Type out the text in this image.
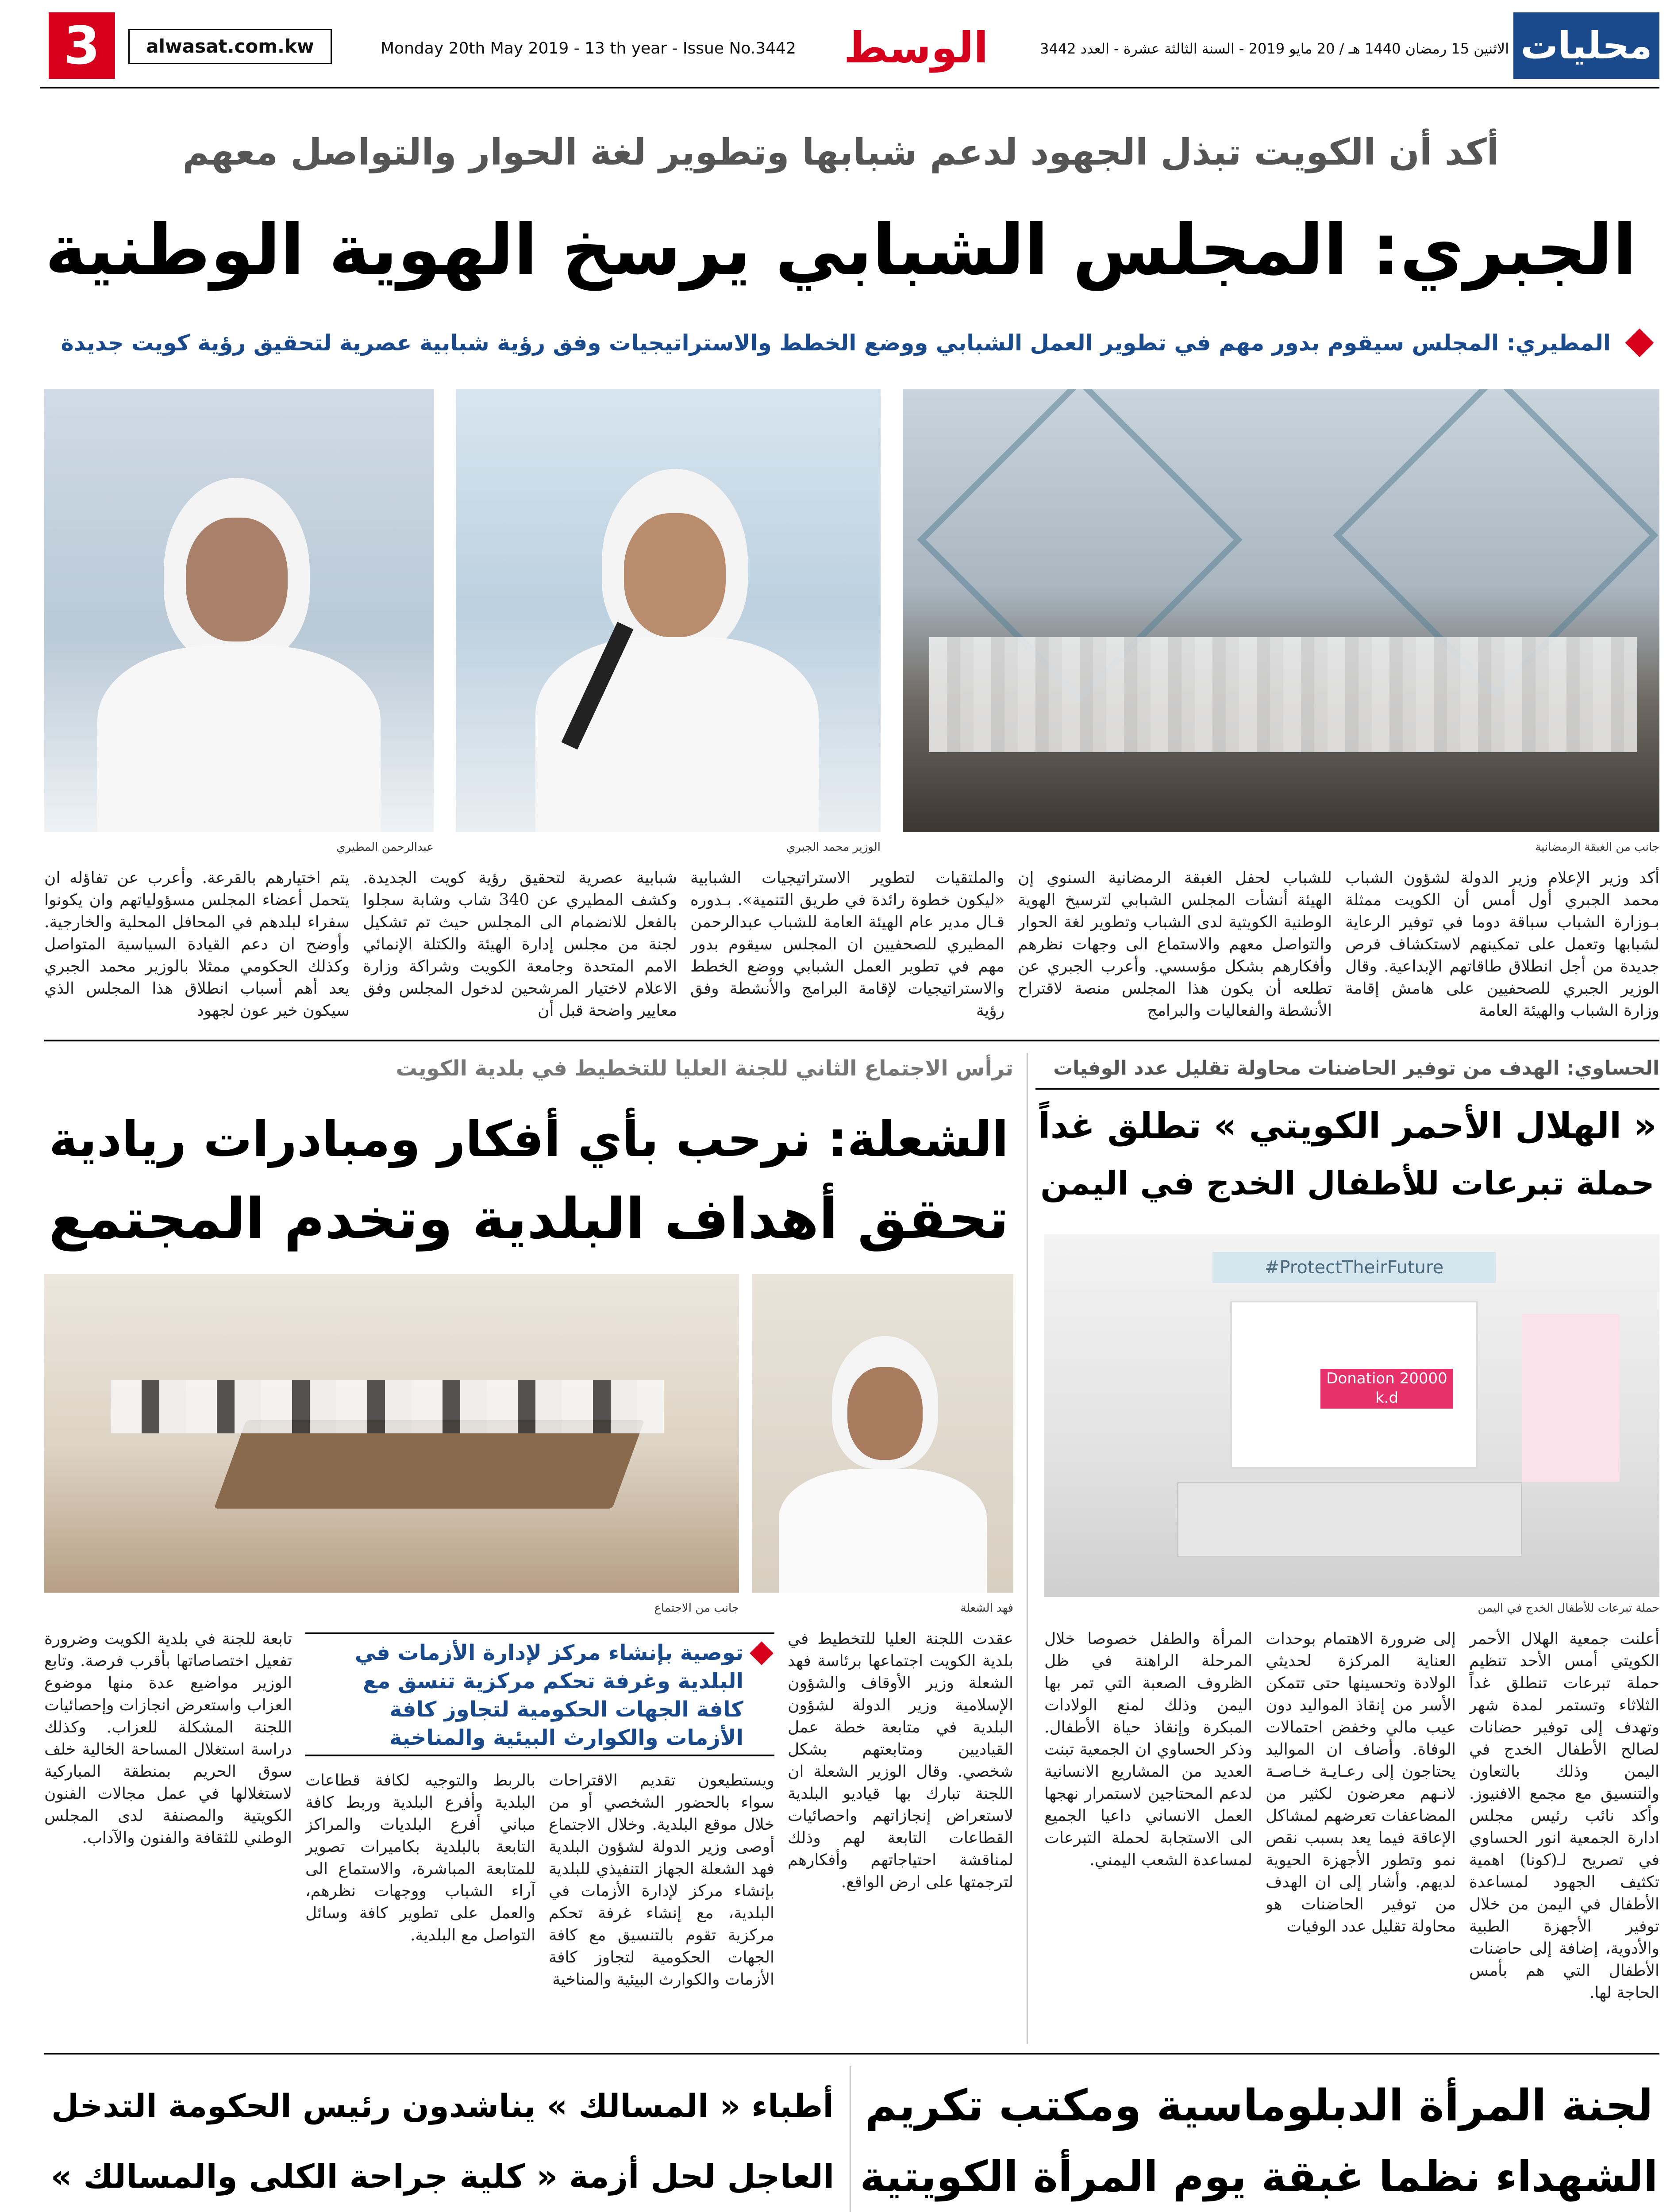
3	alwasat.com.kw	Monday 20th May 2019 - 13 th year - Issue No.3442	الوسط	الاثنين 15 رمضان 1440 هـ / 20 مايو 2019 - السنة الثالثة عشرة - العدد 3442 محليات
أكد أن الكويت تبذل الجهود لدعم شبابها وتطوير لغة الحوار والتواصل معهم
الجبري: المجلس الشبابي يرسخ الهوية الوطنية
المطيري: المجلس سيقوم بدور مهم في تطوير العمل الشبابي ووضع الخطط والاستراتيجيات وفق رؤية شبابية عصرية لتحقيق رؤية كويت جديدة
جانب من الغبقة الرمضانية
الوزير محمد الجبري
عبدالرحمن المطيري
أكد وزير الإعلام وزير الدولة لشؤون الشباب محمد الجبري أول أمس أن الكويت ممثلة بـوزارة الشباب سباقة دوما في توفير الرعاية لشبابها وتعمل على تمكينهم لاستكشاف فرص جديدة من أجل انطلاق طاقاتهم الإبداعية. وقال الوزير الجبري للصحفيين على هامش إقامة وزارة الشباب والهيئة العامة
للشباب لحفل الغبقة الرمضانية السنوي إن الهيئة أنشأت المجلس الشبابي لترسيخ الهوية الوطنية الكويتية لدى الشباب وتطوير لغة الحوار والتواصل معهم والاستماع الى وجهات نظرهم وأفكارهم بشكل مؤسسي. وأعرب الجبري عن تطلعه أن يكون هذا المجلس منصة لاقتراح الأنشطة والفعاليات والبرامج
والملتقيات لتطوير الاستراتيجيات الشبابية «ليكون خطوة رائدة في طريق التنمية». بـدوره قـال مدير عام الهيئة العامة للشباب عبدالرحمن المطيري للصحفيين ان المجلس سيقوم بدور مهم في تطوير العمل الشبابي ووضع الخطط والاستراتيجيات لإقامة البرامج والأنشطة وفق رؤية
شبابية عصرية لتحقيق رؤية كويت الجديدة. وكشف المطيري عن 340 شاب وشابة سجلوا بالفعل للانضمام الى المجلس حيث تم تشكيل لجنة من مجلس إدارة الهيئة والكتلة الإنمائي الامم المتحدة وجامعة الكويت وشراكة وزارة الاعلام لاختيار المرشحين لدخول المجلس وفق معايير واضحة قبل أن
يتم اختيارهم بالقرعة. وأعرب عن تفاؤله ان يتحمل أعضاء المجلس مسؤولياتهم وان يكونوا سفراء لبلدهم في المحافل المحلية والخارجية. وأوضح ان دعم القيادة السياسية المتواصل وكذلك الحكومي ممثلا بالوزير محمد الجبري يعد أهم أسباب انطلاق هذا المجلس الذي سيكون خير عون لجهود
الحساوي: الهدف من توفير الحاضنات محاولة تقليل عدد الوفيات
« الهلال الأحمر الكويتي » تطلق غداً
حملة تبرعات للأطفال الخدج في اليمن
#ProtectTheirFuture
Donation 20000 k.d
حملة تبرعات للأطفال الخدج في اليمن
أعلنت جمعية الهلال الأحمر الكويتي أمس الأحد تنظيم حملة تبرعات تنطلق غداً الثلاثاء وتستمر لمدة شهر وتهدف إلى توفير حضانات لصالح الأطفال الخدج في اليمن وذلك بالتعاون والتنسيق مع مجمع الافنيوز. وأكد نائب رئيس مجلس ادارة الجمعية انور الحساوي في تصريح لـ(كونا) اهمية تكثيف الجهود لمساعدة الأطفال في اليمن من خلال توفير الأجهزة الطبية والأدوية، إضافة إلى حاضنات الأطفال التي هم بأمس الحاجة لها.
إلى ضرورة الاهتمام بوحدات العناية المركزة لحديثي الولادة وتحسينها حتى تتمكن الأسر من إنقاذ المواليد دون عيب مالي وخفض احتمالات الوفاة. وأضاف ان المواليد يحتاجون إلى رعـايـة خـاصـة لانـهم معرضون لكثير من المضاعفات تعرضهم لمشاكل الإعاقة فيما يعد بسبب نقص نمو وتطور الأجهزة الحيوية لديهم. وأشار إلى ان الهدف من توفير الحاضنات هو محاولة تقليل عدد الوفيات
المرأة والطفل خصوصا خلال المرحلة الراهنة في ظل الظروف الصعبة التي تمر بها اليمن وذلك لمنع الولادات المبكرة وإنقاذ حياة الأطفال. وذكر الحساوي ان الجمعية تبنت العديد من المشاريع الانسانية لدعم المحتاجين لاستمرار نهجها العمل الانساني داعيا الجميع الى الاستجابة لحملة التبرعات لمساعدة الشعب اليمني.
ترأس الاجتماع الثاني للجنة العليا للتخطيط في بلدية الكويت
الشعلة: نرحب بأي أفكار ومبادرات ريادية
تحقق أهداف البلدية وتخدم المجتمع
فهد الشعلة
جانب من الاجتماع
عقدت اللجنة العليا للتخطيط في بلدية الكويت اجتماعها برئاسة فهد الشعلة وزير الأوقاف والشؤون الإسلامية وزير الدولة لشؤون البلدية في متابعة خطة عمل القياديين ومتابعتهم بشكل شخصي. وقال الوزير الشعلة ان اللجنة تبارك بها قياديو البلدية لاستعراض إنجازاتهم واحصائيات القطاعات التابعة لهم وذلك لمناقشة احتياجاتهم وأفكارهم لترجمتها على ارض الواقع.
ويستطيعون تقديم الاقتراحات سواء بالحضور الشخصي أو من خلال موقع البلدية. وخلال الاجتماع أوصى وزير الدولة لشؤون البلدية فهد الشعلة الجهاز التنفيذي للبلدية بإنشاء مركز لإدارة الأزمات في البلدية، مع إنشاء غرفة تحكم مركزية تقوم بالتنسيق مع كافة الجهات الحكومية لتجاوز كافة الأزمات والكوارث البيئية والمناخية
بالربط والتوجيه لكافة قطاعات البلدية وأفرع البلدية وربط كافة مباني أفرع البلديات والمراكز التابعة بالبلدية بكاميرات تصوير للمتابعة المباشرة، والاستماع الى آراء الشباب ووجهات نظرهم، والعمل على تطوير كافة وسائل التواصل مع البلدية.
تابعة للجنة في بلدية الكويت وضرورة تفعيل اختصاصاتها بأقرب فرصة. وتابع الوزير مواضيع عدة منها موضوع العزاب واستعرض انجازات وإحصائيات اللجنة المشكلة للعزاب. وكذلك دراسة استغلال المساحة الخالية خلف سوق الحريم بمنطقة المباركية لاستغلالها في عمل مجالات الفنون الكويتية والمصنفة لدى المجلس الوطني للثقافة والفنون والآداب.
توصية بإنشاء مركز لإدارة الأزمات في البلدية وغرفة تحكم مركزية تنسق مع كافة الجهات الحكومية لتجاوز كافة الأزمات والكوارث البيئية والمناخية
لجنة المرأة الدبلوماسية ومكتب تكريم
الشهداء نظما غبقة يوم المرأة الكويتية
أطباء « المسالك » يناشدون رئيس الحكومة التدخل
العاجل لحل أزمة « كلية جراحة الكلى والمسالك »
